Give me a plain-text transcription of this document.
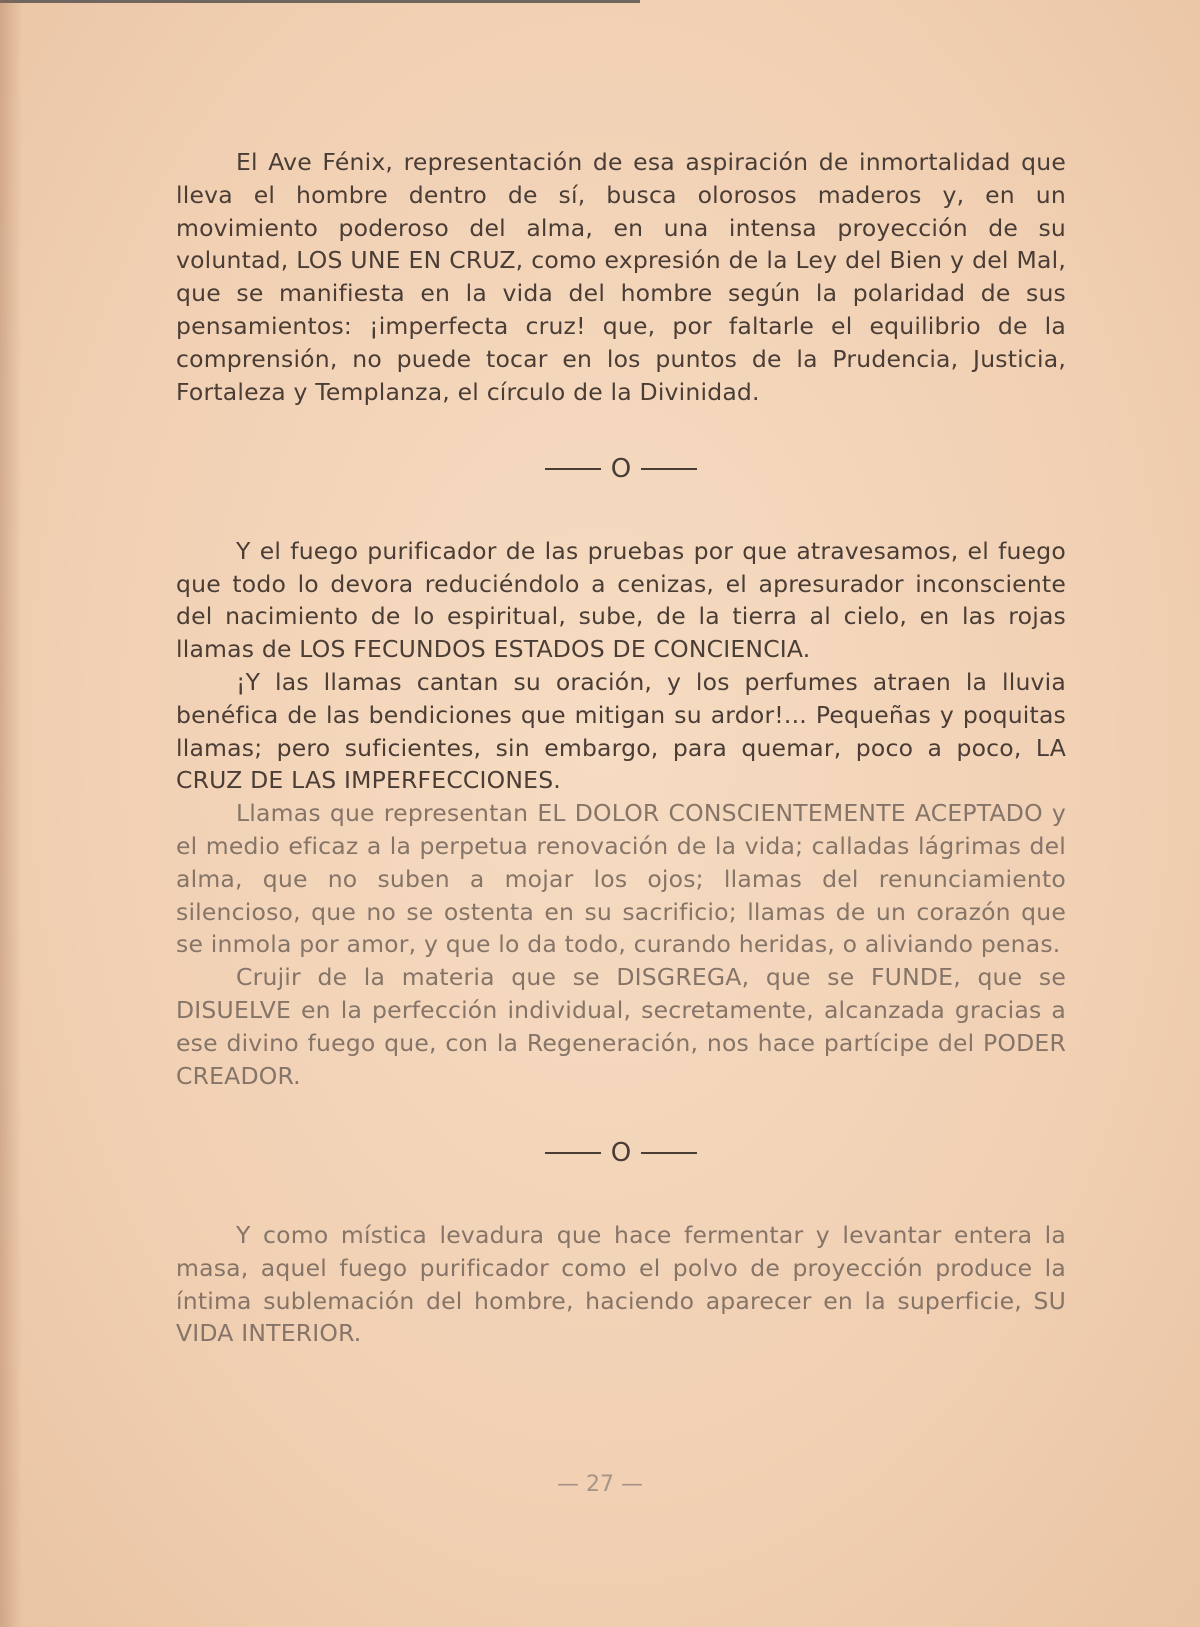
El Ave Fénix, representación de esa aspiración de inmortalidad que lleva el hombre dentro de sí, busca olorosos maderos y, en un movimiento poderoso del alma, en una intensa proyección de su voluntad, LOS UNE EN CRUZ, como expresión de la Ley del Bien y del Mal, que se manifiesta en la vida del hombre según la polaridad de sus pensamientos: ¡imperfecta cruz! que, por faltarle el equilibrio de la comprensión, no puede tocar en los puntos de la Prudencia, Justicia, Fortaleza y Templanza, el círculo de la Divinidad.

O

Y el fuego purificador de las pruebas por que atravesamos, el fuego que todo lo devora reduciéndolo a cenizas, el apresurador inconsciente del nacimiento de lo espiritual, sube, de la tierra al cielo, en las rojas llamas de LOS FECUNDOS ESTADOS DE CONCIENCIA.

¡Y las llamas cantan su oración, y los perfumes atraen la lluvia benéfica de las bendiciones que mitigan su ardor!... Pequeñas y poquitas llamas; pero suficientes, sin embargo, para quemar, poco a poco, LA CRUZ DE LAS IMPERFECCIONES.

Llamas que representan EL DOLOR CONSCIENTEMENTE ACEPTADO y el medio eficaz a la perpetua renovación de la vida; calladas lágrimas del alma, que no suben a mojar los ojos; llamas del renunciamiento silencioso, que no se ostenta en su sacrificio; llamas de un corazón que se inmola por amor, y que lo da todo, curando heridas, o aliviando penas.

Crujir de la materia que se DISGREGA, que se FUNDE, que se DISUELVE en la perfección individual, secretamente, alcanzada gracias a ese divino fuego que, con la Regeneración, nos hace partícipe del PODER CREADOR.

O

Y como mística levadura que hace fermentar y levantar entera la masa, aquel fuego purificador como el polvo de proyección produce la íntima sublemación del hombre, haciendo aparecer en la superficie, SU VIDA INTERIOR.

— 27 —
